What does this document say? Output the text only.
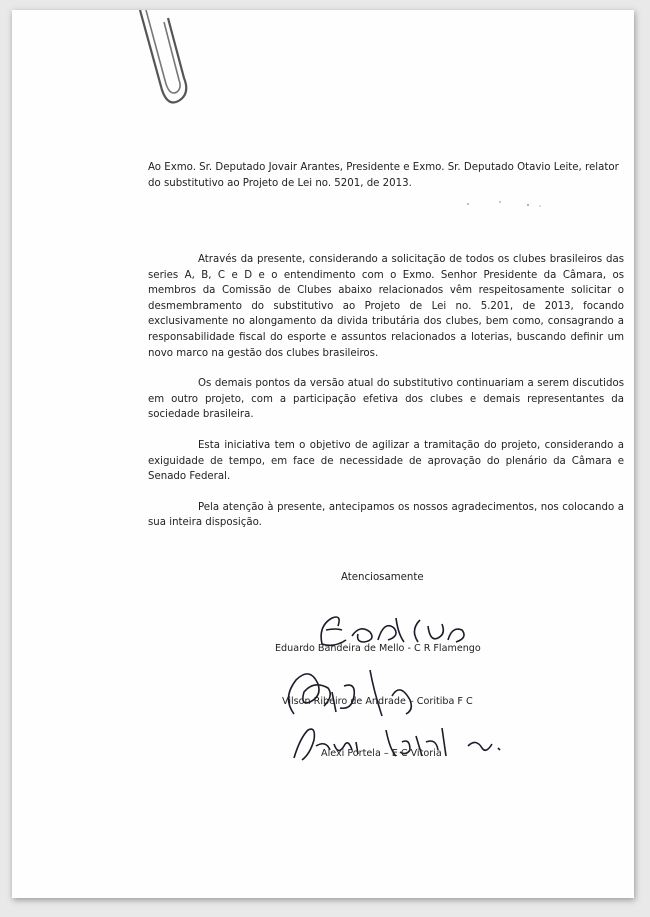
Ao Exmo. Sr. Deputado Jovair Arantes, Presidente e Exmo. Sr. Deputado Otavio Leite, relator do substitutivo ao Projeto de Lei no. 5201, de 2013.

Através da presente, considerando a solicitação de todos os clubes brasileiros das series A, B, C e D e o entendimento com o Exmo. Senhor Presidente da Câmara, os membros da Comissão de Clubes abaixo relacionados vêm respeitosamente solicitar o desmembramento do substitutivo ao Projeto de Lei no. 5.201, de 2013, focando exclusivamente no alongamento da divida tributária dos clubes, bem como, consagrando a responsabilidade fiscal do esporte e assuntos relacionados a loterias, buscando definir um novo marco na gestão dos clubes brasileiros.

Os demais pontos da versão atual do substitutivo continuariam a serem discutidos em outro projeto, com a participação efetiva dos clubes e demais representantes da sociedade brasileira.

Esta iniciativa tem o objetivo de agilizar a tramitação do projeto, considerando a exiguidade de tempo, em face de necessidade de aprovação do plenário da Câmara e Senado Federal.

Pela atenção à presente, antecipamos os nossos agradecimentos, nos colocando a sua inteira disposição.

Atenciosamente
Eduardo Bandeira de Mello - C R Flamengo
Vilson Ribeiro de Andrade – Coritiba F C
Alexi Portela – E C Vitoria
